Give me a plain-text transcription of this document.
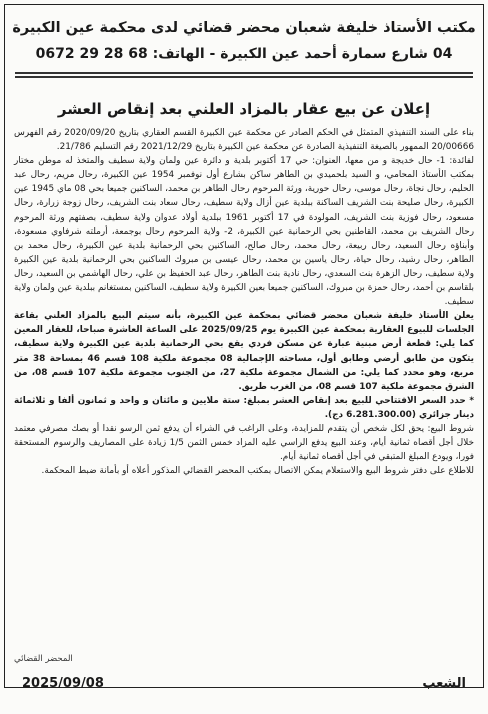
مكتب الأستاذ خليفة شعبان محضر قضائي لدى محكمة عين الكبيرة
04 شارع سمارة أحمد عين الكبيرة - الهاتف: 68 28 29 0672
إعلان عن بيع عقار بالمزاد العلني بعد إنقاص العشر

بناء على السند التنفيذي المتمثل في الحكم الصادر عن محكمة عين الكبيرة القسم العقاري بتاريخ 2020/09/20 رقم الفهرس 20/00666 الممهور بالصيغة التنفيذية الصادرة عن محكمة عين الكبيرة بتاريخ 2021/12/29 رقم التسليم 21/786.

لفائدة: 1- حال خديجة و من معها، العنوان: حي 17 أكتوبر بلدية و دائرة عين ولمان ولاية سطيف والمتخذ له موطن مختار بمكتب الأستاذ المحامي، و السيد بلحميدي بن الطاهر ساكن بشارع أول نوفمبر 1954 عين الكبيرة، رحال مريم، رحال عبد الحليم، رحال نجاة، رحال موسى، رحال حورية، ورثة المرحوم رحال الطاهر بن محمد، الساكنين جميعا بحي 08 ماي 1945 عين الكبيرة، رحال صليحة بنت الشريف الساكنة ببلدية عين أزال ولاية سطيف، رحال سعاد بنت الشريف، رحال زوجة زرارة، رحال مسعود، رحال فوزية بنت الشريف، المولودة في 17 أكتوبر 1961 ببلدية أولاد عدوان ولاية سطيف، بصفتهم ورثة المرحوم رحال الشريف بن محمد، القاطنين بحي الرحمانية عين الكبيرة، 2- ولاية المرحوم رحال بوجمعة، أرملته شرفاوي مسعودة، وأبناؤه رحال السعيد، رحال ربيعة، رحال محمد، رحال صالح، الساكنين بحي الرحمانية بلدية عين الكبيرة، رحال محمد بن الطاهر، رحال رشيد، رحال حياة، رحال ياسين بن محمد، رحال عيسى بن مبروك الساكنين بحي الرحمانية بلدية عين الكبيرة ولاية سطيف، رحال الزهرة بنت السعدي، رحال نادية بنت الطاهر، رحال عبد الحفيظ بن علي، رحال الهاشمي بن السعيد، رحال بلقاسم بن أحمد، رحال حمزة بن مبروك، الساكنين جميعا بعين الكبيرة ولاية سطيف، الساكنين بمستغانم ببلدية عين ولمان ولاية سطيف.

يعلن الأستاذ خليفة شعبان محضر قضائي بمحكمة عين الكبيرة، بأنه سيتم البيع بالمزاد العلني بقاعة الجلسات للبيوع العقارية بمحكمة عين الكبيرة يوم 2025/09/25 على الساعة العاشرة صباحا، للعقار المعين كما يلي: قطعة أرض مبنية عبارة عن مسكن فردي يقع بحي الرحمانية بلدية عين الكبيرة ولاية سطيف، يتكون من طابق أرضي وطابق أول، مساحته الإجمالية 08 مجموعة ملكية 108 قسم 46 بمساحة 38 متر مربع، وهو محدد كما يلي: من الشمال مجموعة ملكية 27، من الجنوب مجموعة ملكية 107 قسم 08، من الشرق مجموعة ملكية 107 قسم 08، من الغرب طريق.

* حدد السعر الافتتاحي للبيع بعد إنقاص العشر بمبلغ: ستة ملايين و مائتان و واحد و ثمانون ألفا و ثلاثمائة دينار جزائري (6.281.300.00 دج).

شروط البيع: يحق لكل شخص أن يتقدم للمزايدة، وعلى الراغب في الشراء أن يدفع ثمن الرسو نقدا أو بصك مصرفي معتمد خلال أجل أقصاه ثمانية أيام، وعند البيع يدفع الراسي عليه المزاد خمس الثمن 1/5 زيادة على المصاريف والرسوم المستحقة فورا، ويودع المبلغ المتبقي في أجل أقصاه ثمانية أيام.

للاطلاع على دفتر شروط البيع والاستعلام يمكن الاتصال بمكتب المحضر القضائي المذكور أعلاه أو بأمانة ضبط المحكمة.

المحضر القضائي
الشعب
2025/09/08
